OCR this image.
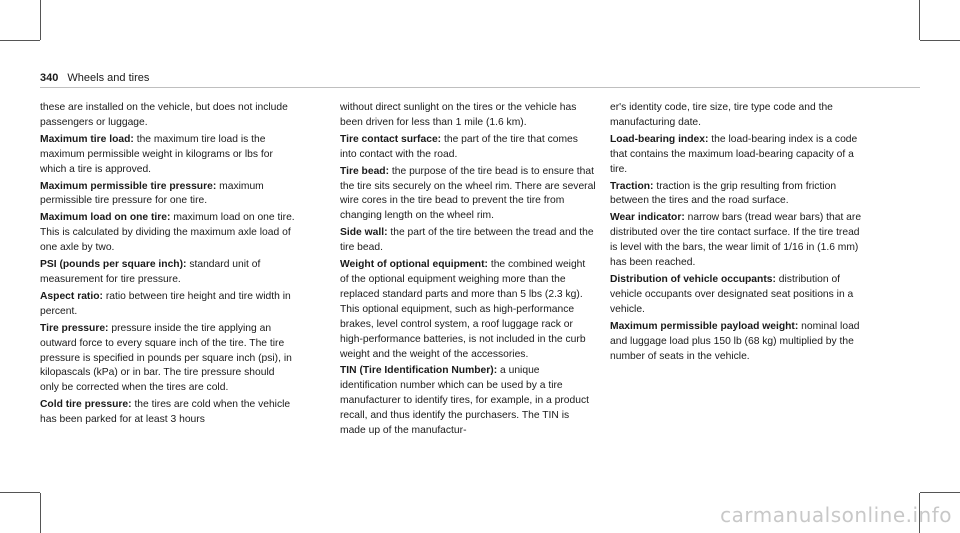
340 Wheels and tires

these are installed on the vehicle, but does not include passengers or luggage.

Maximum tire load: the maximum tire load is the maximum permissible weight in kilograms or lbs for which a tire is approved.

Maximum permissible tire pressure: maximum permissible tire pressure for one tire.

Maximum load on one tire: maximum load on one tire. This is calculated by dividing the maximum axle load of one axle by two.

PSI (pounds per square inch): standard unit of measurement for tire pressure.

Aspect ratio: ratio between tire height and tire width in percent.

Tire pressure: pressure inside the tire applying an outward force to every square inch of the tire. The tire pressure is specified in pounds per square inch (psi), in kilopascals (kPa) or in bar. The tire pressure should only be corrected when the tires are cold.

Cold tire pressure: the tires are cold when the vehicle has been parked for at least 3 hours

without direct sunlight on the tires or the vehicle has been driven for less than 1 mile (1.6 km).

Tire contact surface: the part of the tire that comes into contact with the road.

Tire bead: the purpose of the tire bead is to ensure that the tire sits securely on the wheel rim. There are several wire cores in the tire bead to prevent the tire from changing length on the wheel rim.

Side wall: the part of the tire between the tread and the tire bead.

Weight of optional equipment: the combined weight of the optional equipment weighing more than the replaced standard parts and more than 5 lbs (2.3 kg). This optional equipment, such as high-performance brakes, level control system, a roof luggage rack or high-performance batteries, is not included in the curb weight and the weight of the accessories.

TIN (Tire Identification Number): a unique identification number which can be used by a tire manufacturer to identify tires, for example, in a product recall, and thus identify the purchasers. The TIN is made up of the manufactur-

er's identity code, tire size, tire type code and the manufacturing date.

Load-bearing index: the load-bearing index is a code that contains the maximum load-bearing capacity of a tire.

Traction: traction is the grip resulting from friction between the tires and the road surface.

Wear indicator: narrow bars (tread wear bars) that are distributed over the tire contact surface. If the tire tread is level with the bars, the wear limit of 1/16 in (1.6 mm) has been reached.

Distribution of vehicle occupants: distribution of vehicle occupants over designated seat positions in a vehicle.

Maximum permissible payload weight: nominal load and luggage load plus 150 lb (68 kg) multiplied by the number of seats in the vehicle.

carmanualsonline.info
